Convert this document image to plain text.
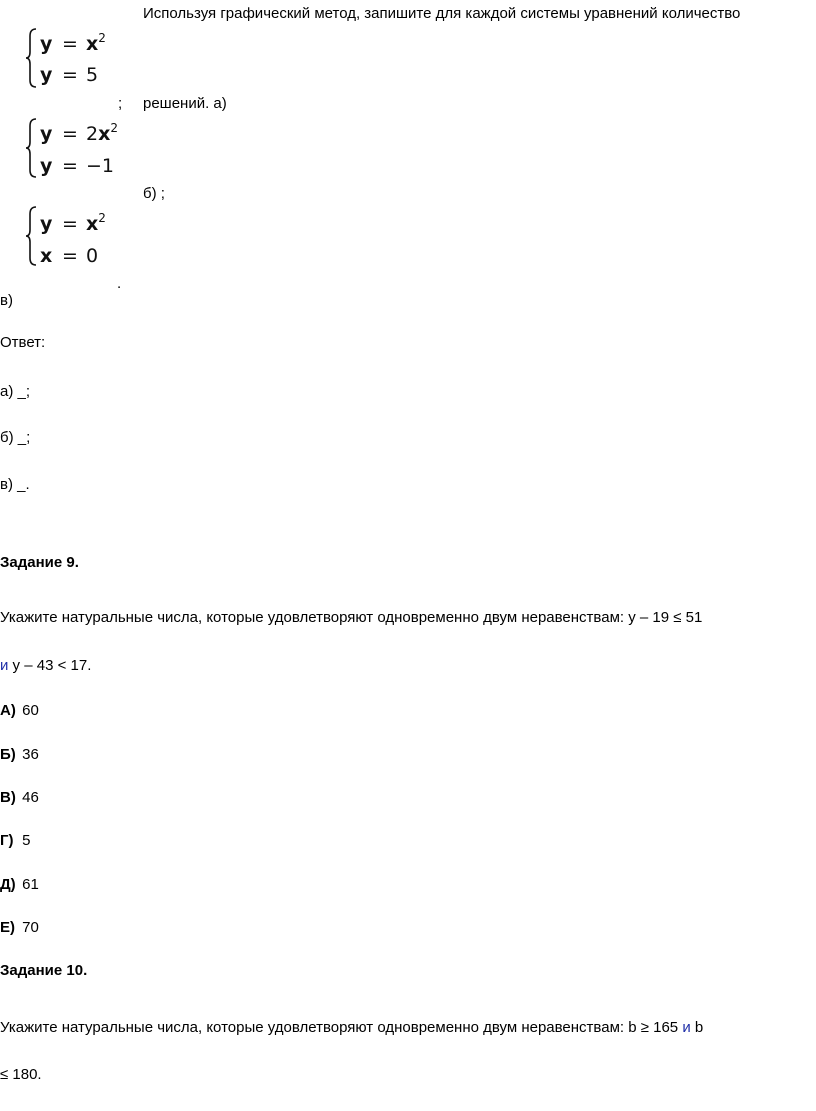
Используя графический метод, запишите для каждой системы уравнений количество
$y = x^2$
y = 5
; решений. а)
$y = 2x^2$
y = −1
б) ;
$y = x^2$
x = 0
.
в)
Ответ:
а) _;
б) _;
в) _.
Задание 9.
Укажите натуральные числа, которые удовлетворяют одновременно двум неравенствам: y – 19 ≤ 51
и y – 43 < 17.
А) 60
Б) 36
В) 46
Г) 5
Д) 61
Е) 70
Задание 10.
Укажите натуральные числа, которые удовлетворяют одновременно двум неравенствам: b ≥ 165 и b
≤ 180.
